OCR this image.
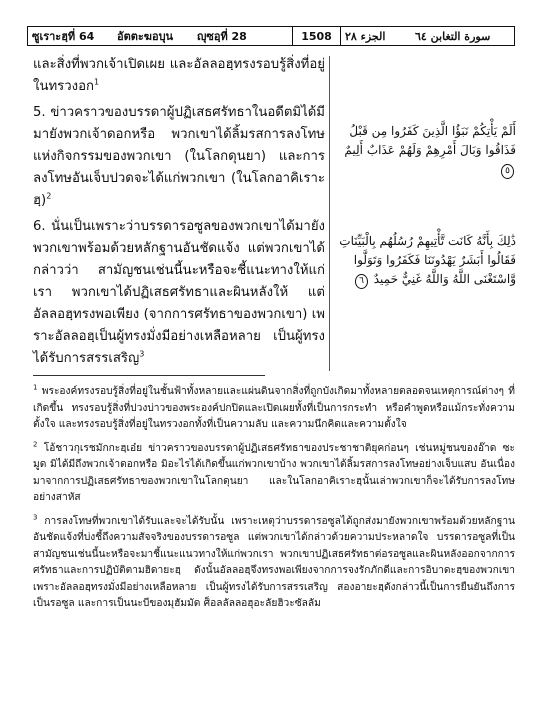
ซูเราะฮฺที่ 64	อัตตะฆอบุน	ญุซอฺที่ 28	1508	الجزء ٢٨	سورة التغابن ٦٤

และสิ่งที่พวกเจ้าเปิดเผย และอัลลอฮฺทรงรอบรู้สิ่งที่อยู่ในทรวงอก$^1$

5. ข่าวคราวของบรรดาผู้ปฏิเสธศรัทธาในอดีตมิได้มีมายังพวกเจ้าดอกหรือ พวกเขาได้ลิ้มรสการลงโทษแห่งกิจกรรมของพวกเขา (ในโลกดุนยา) และการลงโทษอันเจ็บปวดจะได้แก่พวกเขา (ในโลกอาคิเราะฮฺ)$^2$

6. นั่นเป็นเพราะว่าบรรดารอซูลของพวกเขาได้มายังพวกเขาพร้อมด้วยหลักฐานอันชัดแจ้ง แต่พวกเขาได้กล่าวว่า สามัญชนเช่นนี้นะหรือจะชี้แนะทางให้แก่เรา พวกเขาได้ปฏิเสธศรัทธาและผินหลังให้ แต่อัลลอฮฺทรงพอเพียง (จากการศรัทธาของพวกเขา) เพราะอัลลอฮฺเป็นผู้ทรงมั่งมีอย่างเหลือหลาย เป็นผู้ทรงได้รับการสรรเสริญ$^3$

أَلَمْ يَأْتِكُمْ نَبَؤُا الَّذِينَ كَفَرُوا مِن قَبْلُ فَذَاقُوا وَبَالَ أَمْرِهِمْ وَلَهُمْ عَذَابٌ أَلِيمٌ ٥
ذَٰلِكَ بِأَنَّهُ كَانَت تَّأْتِيهِمْ رُسُلُهُم بِالْبَيِّنَاتِ فَقَالُوا أَبَشَرٌ يَهْدُونَنَا فَكَفَرُوا وَتَوَلَّوا وَّاسْتَغْنَى اللَّهُ وَاللَّهُ غَنِيٌّ حَمِيدٌ ٦

$^1$ พระองค์ทรงรอบรู้สิ่งที่อยู่ในชั้นฟ้าทั้งหลายและแผ่นดินจากสิ่งที่ถูกบังเกิดมาทั้งหลายตลอดจนเหตุการณ์ต่างๆ ที่เกิดขึ้น ทรงรอบรู้สิ่งที่ปวงบ่าวของพระองค์ปกปิดและเปิดเผยทั้งที่เป็นการกระทำ หรือคำพูดหรือแม้กระทั่งความตั้งใจ และทรงรอบรู้สิ่งที่อยู่ในทรวงอกทั้งที่เป็นความลับ และความนึกคิดและความตั้งใจ

$^2$ โอ้ชาวกุเรชมักกะฮฺเอ๋ย ข่าวคราวของบรรดาผู้ปฏิเสธศรัทธาของประชาชาติยุคก่อนๆ เช่นหมู่ชนของอ๊าด ซะมูด มิได้มีถึงพวกเจ้าดอกหรือ มิอะไรได้เกิดขึ้นแก่พวกเขาบ้าง พวกเขาได้ลิ้มรสการลงโทษอย่างเจ็บแสบ อันเนื่องมาจากการปฏิเสธศรัทธาของพวกเขาในโลกดุนยา และในโลกอาคิเราะฮฺนั้นเล่าพวกเขาก็จะได้รับการลงโทษอย่างสาหัส

$^3$ การลงโทษที่พวกเขาได้รับและจะได้รับนั้น เพราะเหตุว่าบรรดารอซูลได้ถูกส่งมายังพวกเขาพร้อมด้วยหลักฐานอันชัดแจ้งที่บ่งชี้ถึงความสัจจริงของบรรดารอซูล แต่พวกเขาได้กล่าวด้วยความประหลาดใจ บรรดารอซูลที่เป็นสามัญชนเช่นนี้นะหรือจะมาชี้แนะแนวทางให้แก่พวกเรา พวกเขาปฏิเสธศรัทธาต่อรอซูลและผินหลังออกจากการศรัทธาและการปฏิบัติตามฮิดายะฮฺ ดังนั้นอัลลอฮฺจึงทรงพอเพียงจากการจงรักภักดีและการอิบาดะฮฺของพวกเขา เพราะอัลลอฮฺทรงมั่งมีอย่างเหลือหลาย เป็นผู้ทรงได้รับการสรรเสริญ สองอายะฮฺดังกล่าวนี้เป็นการยืนยันถึงการเป็นรอซูล และการเป็นนะบีของมุฮัมมัด ศ็อลลัลลอฮุอะลัยฮิวะซัลลัม
